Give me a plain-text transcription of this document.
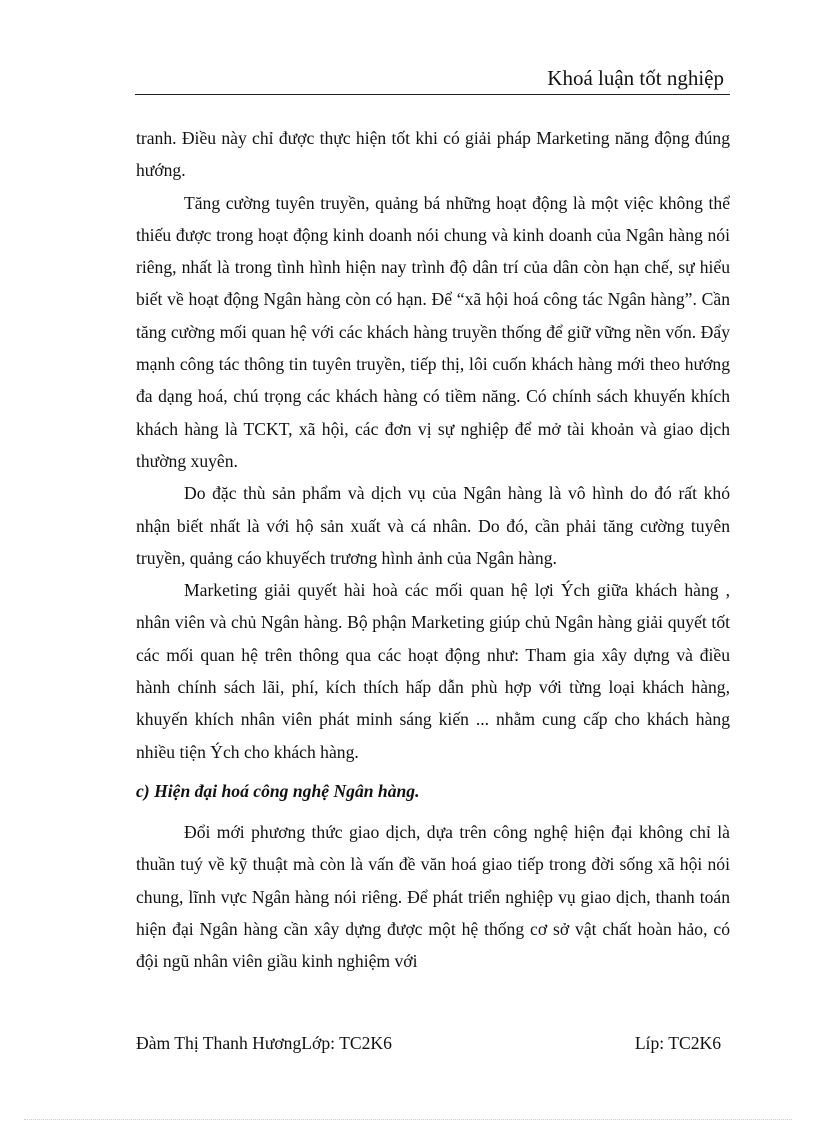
Khoá luận tốt nghiệp

tranh. Điều này chỉ được thực hiện tốt khi có giải pháp Marketing năng động đúng hướng.

Tăng cường tuyên truyền, quảng bá những hoạt động là một việc không thể thiếu được trong hoạt động kinh doanh nói chung và kinh doanh của Ngân hàng nói riêng, nhất là trong tình hình hiện nay trình độ dân trí của dân còn hạn chế, sự hiểu biết về hoạt động Ngân hàng còn có hạn. Để “xã hội hoá công tác Ngân hàng”. Cần tăng cường mối quan hệ với các khách hàng truyền thống để giữ vững nền vốn. Đẩy mạnh công tác thông tin tuyên truyền, tiếp thị, lôi cuốn khách hàng mới theo hướng đa dạng hoá, chú trọng các khách hàng có tiềm năng. Có chính sách khuyến khích khách hàng là TCKT, xã hội, các đơn vị sự nghiệp để mở tài khoản và giao dịch thường xuyên.

Do đặc thù sản phẩm và dịch vụ của Ngân hàng là vô hình do đó rất khó nhận biết nhất là với hộ sản xuất và cá nhân. Do đó, cần phải tăng cường tuyên truyền, quảng cáo khuyếch trương hình ảnh của Ngân hàng.

Marketing giải quyết hài hoà các mối quan hệ lợi Ých giữa khách hàng , nhân viên và chủ Ngân hàng. Bộ phận Marketing giúp chủ Ngân hàng giải quyết tốt các mối quan hệ trên thông qua các hoạt động như: Tham gia xây dựng và điều hành chính sách lãi, phí, kích thích hấp dẫn phù hợp với từng loại khách hàng, khuyến khích nhân viên phát minh sáng kiến ... nhằm cung cấp cho khách hàng nhiều tiện Ých cho khách hàng.

c) Hiện đại hoá công nghệ Ngân hàng.

Đổi mới phương thức giao dịch, dựa trên công nghệ hiện đại không chỉ là thuần tuý về kỹ thuật mà còn là vấn đề văn hoá giao tiếp trong đời sống xã hội nói chung, lĩnh vực Ngân hàng nói riêng. Để phát triển nghiệp vụ giao dịch, thanh toán hiện đại Ngân hàng cần xây dựng được một hệ thống cơ sở vật chất hoàn hảo, có đội ngũ nhân viên giầu kinh nghiệm với

Đàm Thị Thanh HươngLớp: TC2K6	Líp: TC2K6
